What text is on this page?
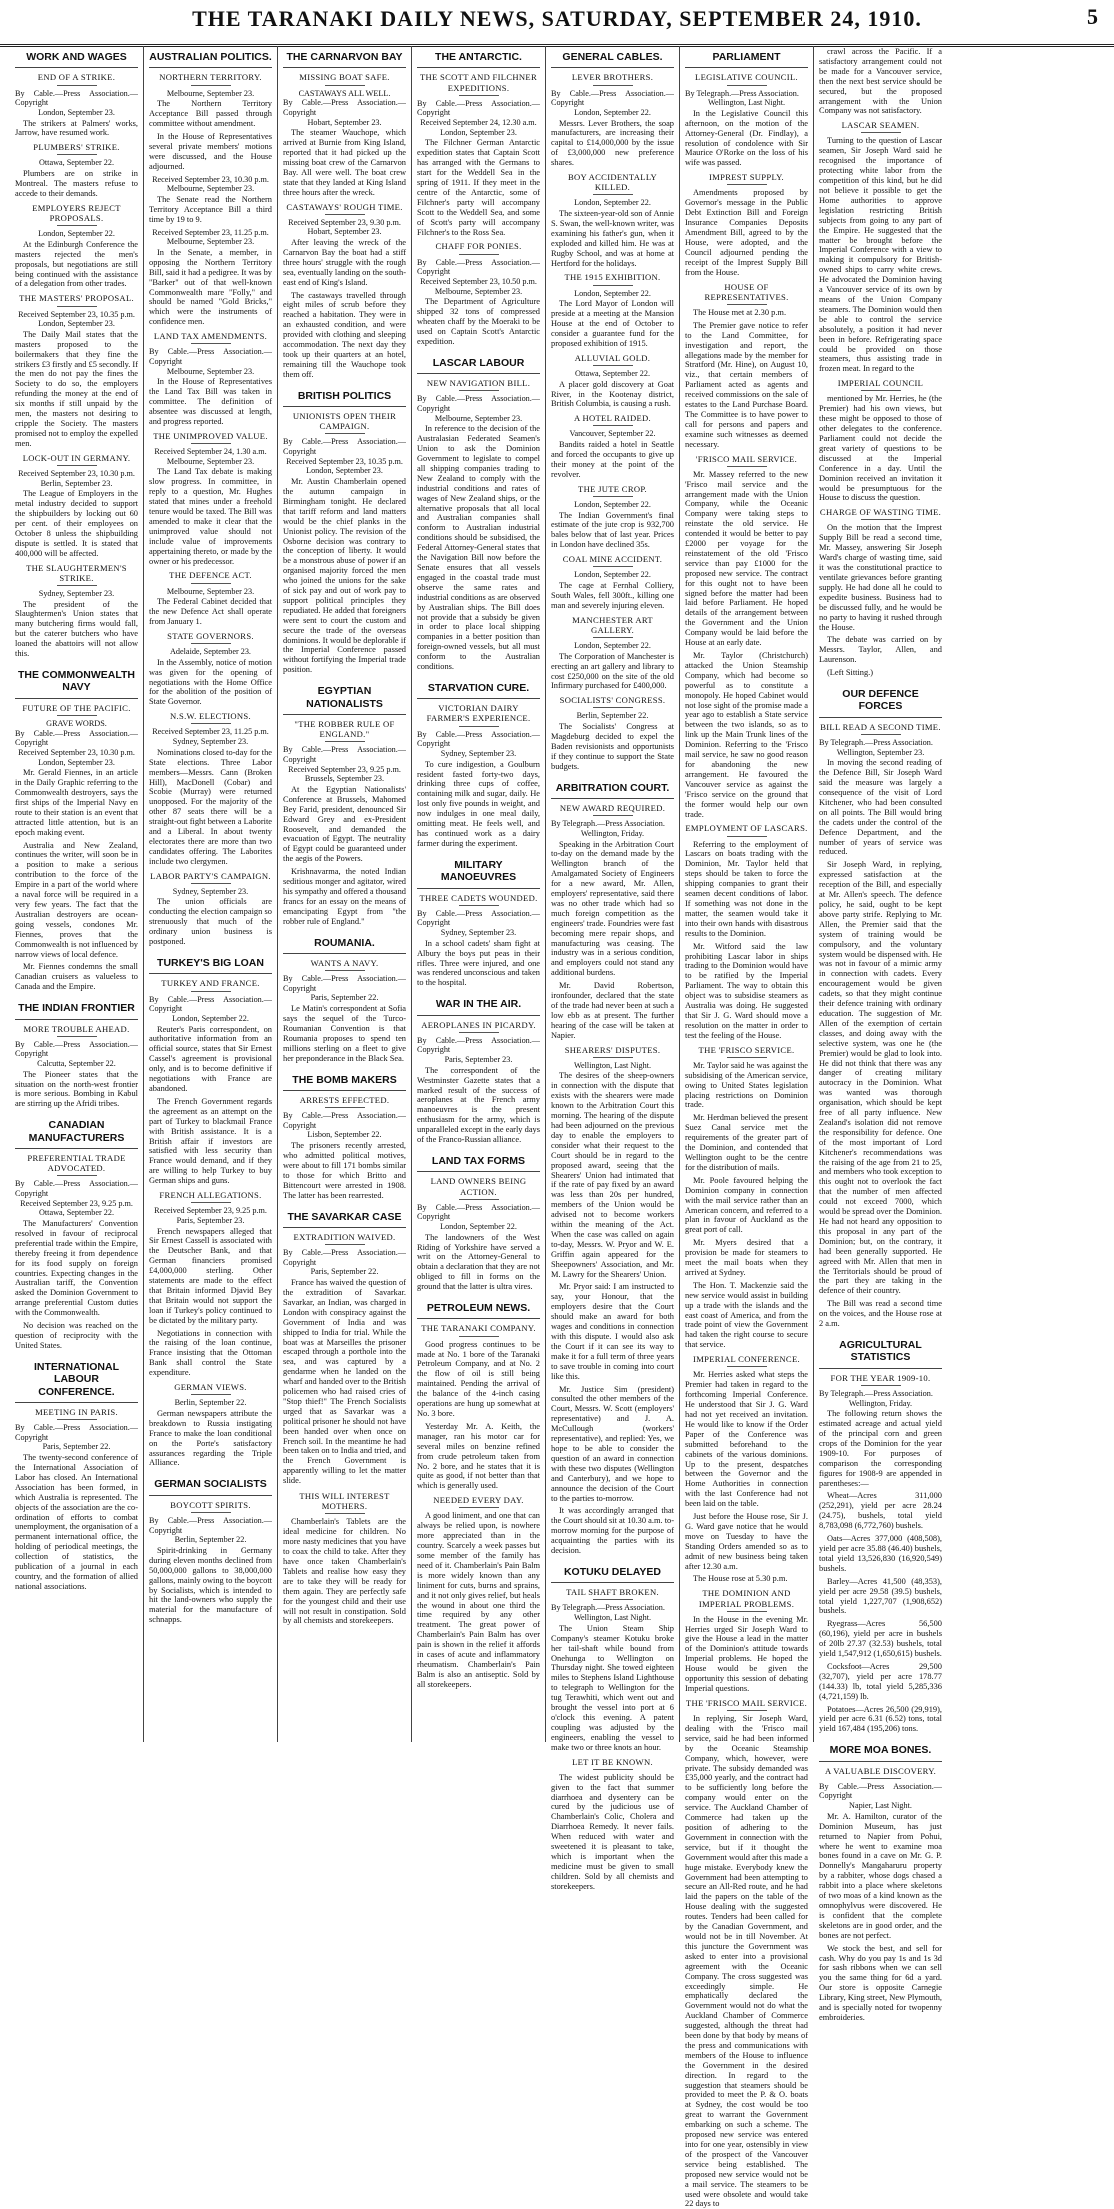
THE TARANAKI DAILY NEWS, SATURDAY, SEPTEMBER 24, 1910.	5
WORK AND WAGES
END OF A STRIKE.
By Cable.—Press Association.—Copyright
London, September 23.

The strikers at Palmers' works, Jarrow, have resumed work.

PLUMBERS' STRIKE.
Ottawa, September 22.

Plumbers are on strike in Montreal. The masters refuse to accede to their demands.

EMPLOYERS REJECT PROPOSALS.
London, September 22.

At the Edinburgh Conference the masters rejected the men's proposals, but negotiations are still being continued with the assistance of a delegation from other trades.

THE MASTERS' PROPOSAL.
Received September 23, 10.35 p.m. London, September 23.

The Daily Mail states that the masters proposed to the boilermakers that they fine the strikers £3 firstly and £5 secondly. If the men do not pay the fines the Society to do so, the employers refunding the money at the end of six months if still unpaid by the men, the masters not desiring to cripple the Society. The masters promised not to employ the expelled men.

LOCK-OUT IN GERMANY.
Received September 23, 10.30 p.m. Berlin, September 23.

The League of Employers in the metal industry decided to support the shipbuilders by locking out 60 per cent. of their employees on October 8 unless the shipbuilding dispute is settled. It is stated that 400,000 will be affected.

THE SLAUGHTERMEN'S STRIKE.
Sydney, September 23.

The president of the Slaughtermen's Union states that many butchering firms would fall, but the caterer butchers who have loaned the abattoirs will not allow this.

THE COMMONWEALTH NAVY
FUTURE OF THE PACIFIC.
GRAVE WORDS.
By Cable.—Press Association.—Copyright
Received September 23, 10.30 p.m. London, September 23.

Mr. Gerald Fiennes, in an article in the Daily Graphic referring to the Commonwealth destroyers, says the first ships of the Imperial Navy en route to their station is an event that attracted little attention, but is an epoch making event.

Australia and New Zealand, continues the writer, will soon be in a position to make a serious contribution to the force of the Empire in a part of the world where a naval force will be required in a very few years. The fact that the Australian destroyers are ocean-going vessels, condones Mr. Fiennes, proves that the Commonwealth is not influenced by narrow views of local defence.

Mr. Fiennes condemns the small Canadian cruisers as valueless to Canada and the Empire.

THE INDIAN FRONTIER
MORE TROUBLE AHEAD.
By Cable.—Press Association.—Copyright
Calcutta, September 22.

The Pioneer states that the situation on the north-west frontier is more serious. Bombing in Kabul are stirring up the Afridi tribes.

CANADIAN MANUFACTURERS
PREFERENTIAL TRADE ADVOCATED.
By Cable.—Press Association.—Copyright
Received September 23, 9.25 p.m. Ottawa, September 22.

The Manufacturers' Convention resolved in favour of reciprocal preferential trade within the Empire, thereby freeing it from dependence for its food supply on foreign countries. Expecting changes in the Australian tariff, the Convention asked the Dominion Government to arrange preferential Custom duties with the Commonwealth.

No decision was reached on the question of reciprocity with the United States.

INTERNATIONAL LABOUR CONFERENCE.
MEETING IN PARIS.
By Cable.—Press Association.—Copyright
Paris, September 22.

The twenty-second conference of the International Association of Labor has closed. An International Association has been formed, in which Australia is represented. The objects of the association are the co-ordination of efforts to combat unemployment, the organisation of a permanent international office, the holding of periodical meetings, the collection of statistics, the publication of a journal in each country, and the formation of allied national associations.

AUSTRALIAN POLITICS.
NORTHERN TERRITORY.
Melbourne, September 23.

The Northern Territory Acceptance Bill passed through committee without amendment.

In the House of Representatives several private members' motions were discussed, and the House adjourned.

Received September 23, 10.30 p.m. Melbourne, September 23.

The Senate read the Northern Territory Acceptance Bill a third time by 19 to 9.

Received September 23, 11.25 p.m. Melbourne, September 23.

In the Senate, a member, in opposing the Northern Territory Bill, said it had a pedigree. It was by "Barker" out of that well-known Commonwealth mare "Folly," and should be named "Gold Bricks," which were the instruments of confidence men.

LAND TAX AMENDMENTS.
By Cable.—Press Association.—Copyright
Melbourne, September 23.

In the House of Representatives the Land Tax Bill was taken in committee. The definition of absentee was discussed at length, and progress reported.

THE UNIMPROVED VALUE.
Received September 24, 1.30 a.m. Melbourne, September 23.

The Land Tax debate is making slow progress. In committee, in reply to a question, Mr. Hughes stated that mines under a freehold tenure would be taxed. The Bill was amended to make it clear that the unimproved value should not include value of improvements appertaining thereto, or made by the owner or his predecessor.

THE DEFENCE ACT.
Melbourne, September 23.

The Federal Cabinet decided that the new Defence Act shall operate from January 1.

STATE GOVERNORS.
Adelaide, September 23.

In the Assembly, notice of motion was given for the opening of negotiations with the Home Office for the abolition of the position of State Governor.

N.S.W. ELECTIONS.
Received September 23, 11.25 p.m. Sydney, September 23.

Nominations closed to-day for the State elections. Three Labor members—Messrs. Cann (Broken Hill), MacDonell (Cobar) and Scobie (Murray) were returned unopposed. For the majority of the other 87 seats there will be a straight-out fight between a Laborite and a Liberal. In about twenty electorates there are more than two candidates offering. The Laborites include two clergymen.

LABOR PARTY'S CAMPAIGN.
Sydney, September 23.

The union officials are conducting the election campaign so strenuously that much of the ordinary union business is postponed.

TURKEY'S BIG LOAN
TURKEY AND FRANCE.
By Cable.—Press Association.—Copyright
London, September 22.

Reuter's Paris correspondent, on authoritative information from an official source, states that Sir Ernest Cassel's agreement is provisional only, and is to become definitive if negotiations with France are abandoned.

The French Government regards the agreement as an attempt on the part of Turkey to blackmail France with British assistance. It is a British affair if investors are satisfied with less security than France would demand, and if they are willing to help Turkey to buy German ships and guns.

FRENCH ALLEGATIONS.
Received September 23, 9.25 p.m. Paris, September 23.

French newspapers alleged that Sir Ernest Cassell is associated with the Deutscher Bank, and that German financiers promised £4,000,000 sterling. Other statements are made to the effect that Britain informed Djavid Bey that Britain would not support the loan if Turkey's policy continued to be dictated by the military party.

Negotiations in connection with the raising of the loan continue, France insisting that the Ottoman Bank shall control the State expenditure.

GERMAN VIEWS.
Berlin, September 22.

German newspapers attribute the breakdown to Russia instigating France to make the loan conditional on the Porte's satisfactory assurances regarding the Triple Alliance.

GERMAN SOCIALISTS
BOYCOTT SPIRITS.
By Cable.—Press Association.—Copyright
Berlin, September 22.

Spirit-drinking in Germany during eleven months declined from 50,000,000 gallons to 38,000,000 gallons, mainly owing to the boycott by Socialists, which is intended to hit the land-owners who supply the material for the manufacture of schnapps.

THE CARNARVON BAY
MISSING BOAT SAFE.
CASTAWAYS ALL WELL.
By Cable.—Press Association.—Copyright
Hobart, September 23.

The steamer Wauchope, which arrived at Burnie from King Island, reported that it had picked up the missing boat crew of the Carnarvon Bay. All were well. The boat crew state that they landed at King Island three hours after the wreck.

CASTAWAYS' ROUGH TIME.
Received September 23, 9.30 p.m. Hobart, September 23.

After leaving the wreck of the Carnarvon Bay the boat had a stiff three hours' struggle with the rough sea, eventually landing on the south-east end of King's Island.

The castaways travelled through eight miles of scrub before they reached a habitation. They were in an exhausted condition, and were provided with clothing and sleeping accommodation. The next day they took up their quarters at an hotel, remaining till the Wauchope took them off.

BRITISH POLITICS
UNIONISTS OPEN THEIR CAMPAIGN.
By Cable.—Press Association.—Copyright
Received September 23, 10.35 p.m. London, September 23.

Mr. Austin Chamberlain opened the autumn campaign in Birmingham tonight. He declared that tariff reform and land matters would be the chief planks in the Unionist policy. The revision of the Osborne decision was contrary to the conception of liberty. It would be a monstrous abuse of power if an organised majority forced the men who joined the unions for the sake of sick pay and out of work pay to support political principles they repudiated. He added that foreigners were sent to court the custom and secure the trade of the overseas dominions. It would be deplorable if the Imperial Conference passed without fortifying the Imperial trade position.

EGYPTIAN NATIONALISTS
"THE ROBBER RULE OF ENGLAND."
By Cable.—Press Association.—Copyright
Received September 23, 9.25 p.m. Brussels, September 23.

At the Egyptian Nationalists' Conference at Brussels, Mahomed Bey Farid, president, denounced Sir Edward Grey and ex-President Roosevelt, and demanded the evacuation of Egypt. The neutrality of Egypt could be guaranteed under the aegis of the Powers.

Krishnavarma, the noted Indian seditious monger and agitator, wired his sympathy and offered a thousand francs for an essay on the means of emancipating Egypt from "the robber rule of England."

ROUMANIA.
WANTS A NAVY.
By Cable.—Press Association.—Copyright
Paris, September 22.

Le Matin's correspondent at Sofia says the sequel of the Turco-Roumanian Convention is that Roumania proposes to spend ten millions sterling on a fleet to give her preponderance in the Black Sea.

THE BOMB MAKERS
ARRESTS EFFECTED.
By Cable.—Press Association.—Copyright
Lisbon, September 22.

The prisoners recently arrested, who admitted political motives, were about to fill 171 bombs similar to those for which Britto and Bittencourt were arrested in 1908. The latter has been rearrested.

THE SAVARKAR CASE
EXTRADITION WAIVED.
By Cable.—Press Association.—Copyright
Paris, September 22.

France has waived the question of the extradition of Savarkar. Savarkar, an Indian, was charged in London with conspiracy against the Government of India and was shipped to India for trial. While the boat was at Marseilles the prisoner escaped through a porthole into the sea, and was captured by a gendarme when he landed on the wharf and handed over to the British policemen who had raised cries of "Stop thief!" The French Socialists urged that as Savarkar was a political prisoner he should not have been handed over when once on French soil. In the meantime he had been taken on to India and tried, and the French Government is apparently willing to let the matter slide.

THIS WILL INTEREST MOTHERS.

Chamberlain's Tablets are the ideal medicine for children. No more nasty medicines that you have to coax the child to take. After they have once taken Chamberlain's Tablets and realise how easy they are to take they will be ready for them again. They are perfectly safe for the youngest child and their use will not result in constipation. Sold by all chemists and storekeepers.

THE ANTARCTIC.
THE SCOTT AND FILCHNER EXPEDITIONS.
By Cable.—Press Association.—Copyright
Received September 24, 12.30 a.m. London, September 23.

The Filchner German Antarctic expedition states that Captain Scott has arranged with the Germans to start for the Weddell Sea in the spring of 1911. If they meet in the centre of the Antarctic, some of Filchner's party will accompany Scott to the Weddell Sea, and some of Scott's party will accompany Filchner's to the Ross Sea.

CHAFF FOR PONIES.
By Cable.—Press Association.—Copyright
Received September 23, 10.50 p.m. Melbourne, September 23.

The Department of Agriculture shipped 32 tons of compressed wheaten chaff by the Moeraki to be used on Captain Scott's Antarctic expedition.

LASCAR LABOUR
NEW NAVIGATION BILL.
By Cable.—Press Association.—Copyright
Melbourne, September 23.

In reference to the decision of the Australasian Federated Seamen's Union to ask the Dominion Government to legislate to compel all shipping companies trading to New Zealand to comply with the industrial conditions and rates of wages of New Zealand ships, or the alternative proposals that all local and Australian companies shall conform to Australian industrial conditions should be subsidised, the Federal Attorney-General states that the Navigation Bill now before the Senate ensures that all vessels engaged in the coastal trade must observe the same rates and industrial conditions as are observed by Australian ships. The Bill does not provide that a subsidy be given in order to place local shipping companies in a better position than foreign-owned vessels, but all must conform to the Australian conditions.

STARVATION CURE.
VICTORIAN DAIRY FARMER'S EXPERIENCE.
By Cable.—Press Association.—Copyright
Sydney, September 23.

To cure indigestion, a Goulburn resident fasted forty-two days, drinking three cups of coffee, containing milk and sugar, daily. He lost only five pounds in weight, and now indulges in one meal daily, omitting meat. He feels well, and has continued work as a dairy farmer during the experiment.

MILITARY MANOEUVRES
THREE CADETS WOUNDED.
By Cable.—Press Association.—Copyright
Sydney, September 23.

In a school cadets' sham fight at Albury the boys put peas in their rifles. Three were injured, and one was rendered unconscious and taken to the hospital.

WAR IN THE AIR.
AEROPLANES IN PICARDY.
By Cable.—Press Association.—Copyright
Paris, September 23.

The correspondent of the Westminster Gazette states that a marked result of the success of aeroplanes at the French army manoeuvres is the present enthusiasm for the army, which is unparalleled except in the early days of the Franco-Russian alliance.

LAND TAX FORMS
LAND OWNERS BEING ACTION.
By Cable.—Press Association.—Copyright
London, September 22.

The landowners of the West Riding of Yorkshire have served a writ on the Attorney-General to obtain a declaration that they are not obliged to fill in forms on the ground that the latter is ultra vires.

PETROLEUM NEWS.
THE TARANAKI COMPANY.

Good progress continues to be made at No. 1 bore of the Taranaki Petroleum Company, and at No. 2 the flow of oil is still being maintained. Pending the arrival of the balance of the 4-inch casing operations are hung up somewhat at No. 3 bore.

Yesterday Mr. A. Keith, the manager, ran his motor car for several miles on benzine refined from crude petroleum taken from No. 2 bore, and he states that it is quite as good, if not better than that which is generally used.

NEEDED EVERY DAY.

A good liniment, and one that can always be relied upon, is nowhere more appreciated than in the country. Scarcely a week passes but some member of the family has need of it. Chamberlain's Pain Balm is more widely known than any liniment for cuts, burns and sprains, and it not only gives relief, but heals the wound in about one third the time required by any other treatment. The great power of Chamberlain's Pain Balm has over pain is shown in the relief it affords in cases of acute and inflammatory rheumatism. Chamberlain's Pain Balm is also an antiseptic. Sold by all storekeepers.

GENERAL CABLES.
LEVER BROTHERS.
By Cable.—Press Association.—Copyright
London, September 22.

Messrs. Lever Brothers, the soap manufacturers, are increasing their capital to £14,000,000 by the issue of £3,000,000 new preference shares.

BOY ACCIDENTALLY KILLED.
London, September 22.

The sixteen-year-old son of Annie S. Swan, the well-known writer, was examining his father's gun, when it exploded and killed him. He was at Rugby School, and was at home at Hertford for the holidays.

THE 1915 EXHIBITION.
London, September 22.

The Lord Mayor of London will preside at a meeting at the Mansion House at the end of October to consider a guarantee fund for the proposed exhibition of 1915.

ALLUVIAL GOLD.
Ottawa, September 22.

A placer gold discovery at Goat River, in the Kootenay district, British Columbia, is causing a rush.

A HOTEL RAIDED.
Vancouver, September 22.

Bandits raided a hotel in Seattle and forced the occupants to give up their money at the point of the revolver.

THE JUTE CROP.
London, September 22.

The Indian Government's final estimate of the jute crop is 932,700 bales below that of last year. Prices in London have declined 35s.

COAL MINE ACCIDENT.
London, September 22.

The cage at Fernhal Colliery, South Wales, fell 300ft., killing one man and severely injuring eleven.

MANCHESTER ART GALLERY.
London, September 22.

The Corporation of Manchester is erecting an art gallery and library to cost £250,000 on the site of the old Infirmary purchased for £400,000.

SOCIALISTS' CONGRESS.
Berlin, September 22.

The Socialists' Congress at Magdeburg decided to expel the Baden revisionists and opportunists if they continue to support the State budgets.

ARBITRATION COURT.
NEW AWARD REQUIRED.
By Telegraph.—Press Association.
Wellington, Friday.

Speaking in the Arbitration Court to-day on the demand made by the Wellington branch of the Amalgamated Society of Engineers for a new award, Mr. Allen, employers' representative, said there was no other trade which had so much foreign competition as the engineers' trade. Foundries were fast becoming mere repair shops, and manufacturing was ceasing. The industry was in a serious condition, and employers could not stand any additional burdens.

Mr. David Robertson, ironfounder, declared that the state of the trade had never been at such a low ebb as at present. The further hearing of the case will be taken at Napier.

SHEARERS' DISPUTES.
Wellington, Last Night.

The desires of the sheep-owners in connection with the dispute that exists with the shearers were made known to the Arbitration Court this morning. The hearing of the dispute had been adjourned on the previous day to enable the employers to consider what their request to the Court should be in regard to the proposed award, seeing that the Shearers' Union had intimated that if the rate of pay fixed by an award was less than 20s per hundred, members of the Union would be advised not to become workers within the meaning of the Act. When the case was called on again to-day, Messrs. W. Pryor and W. E. Griffin again appeared for the Sheepowners' Association, and Mr. M. Lawry for the Shearers' Union.

Mr. Pryor said: I am instructed to say, your Honour, that the employers desire that the Court should make an award for both wages and conditions in connection with this dispute. I would also ask the Court if it can see its way to make it for a full term of three years to save trouble in coming into court like this.

Mr. Justice Sim (president) consulted the other members of the Court, Messrs. W. Scott (employers' representative) and J. A. McCullough (workers' representative), and replied: Yes, we hope to be able to consider the question of an award in connection with these two disputes (Wellington and Canterbury), and we hope to announce the decision of the Court to the parties to-morrow.

It was accordingly arranged that the Court should sit at 10.30 a.m. to-morrow morning for the purpose of acquainting the parties with its decision.

KOTUKU DELAYED
TAIL SHAFT BROKEN.
By Telegraph.—Press Association.
Wellington, Last Night.

The Union Steam Ship Company's steamer Kotuku broke her tail-shaft while bound from Onehunga to Wellington on Thursday night. She towed eighteen miles to Stephens Island Lighthouse to telegraph to Wellington for the tug Terawhiti, which went out and brought the vessel into port at 6 o'clock this evening. A patent coupling was adjusted by the engineers, enabling the vessel to make two or three knots an hour.

LET IT BE KNOWN.

The widest publicity should be given to the fact that summer diarrhoea and dysentery can be cured by the judicious use of Chamberlain's Colic, Cholera and Diarrhoea Remedy. It never fails. When reduced with water and sweetened it is pleasant to take, which is important when the medicine must be given to small children. Sold by all chemists and storekeepers.

PARLIAMENT
LEGISLATIVE COUNCIL.
By Telegraph.—Press Association.
Wellington, Last Night.

In the Legislative Council this afternoon, on the motion of the Attorney-General (Dr. Findlay), a resolution of condolence with Sir Maurice O'Rorke on the loss of his wife was passed.

IMPREST SUPPLY.

Amendments proposed by Governor's message in the Public Debt Extinction Bill and Foreign Insurance Companies Deposits Amendment Bill, agreed to by the House, were adopted, and the Council adjourned pending the receipt of the Imprest Supply Bill from the House.

HOUSE OF REPRESENTATIVES.

The House met at 2.30 p.m.

The Premier gave notice to refer to the Land Committee, for investigation and report, the allegations made by the member for Stratford (Mr. Hine), on August 10, viz., that certain members of Parliament acted as agents and received commissions on the sale of estates to the Land Purchase Board. The Committee is to have power to call for persons and papers and examine such witnesses as deemed necessary.

'FRISCO MAIL SERVICE.

Mr. Massey referred to the new 'Frisco mail service and the arrangement made with the Union Company, while the Oceanic Company were taking steps to reinstate the old service. He contended it would be better to pay £2000 per voyage for the reinstatement of the old 'Frisco service than pay £1000 for the proposed new service. The contract for this ought not to have been signed before the matter had been laid before Parliament. He hoped details of the arrangement between the Government and the Union Company would be laid before the House at an early date.

Mr. Taylor (Christchurch) attacked the Union Steamship Company, which had become so powerful as to constitute a monopoly. He hoped Cabinet would not lose sight of the promise made a year ago to establish a State service between the two islands, so as to link up the Main Trunk lines of the Dominion. Referring to the 'Frisco mail service, he saw no good reason for abandoning the new arrangement. He favoured the Vancouver service as against the 'Frisco service on the ground that the former would help our own trade.

EMPLOYMENT OF LASCARS.

Referring to the employment of Lascars on boats trading with the Dominion, Mr. Taylor held that steps should be taken to force the shipping companies to grant their seamen decent conditions of labor. If something was not done in the matter, the seamen would take it into their own hands with disastrous results to the Dominion.

Mr. Witford said the law prohibiting Lascar labor in ships trading to the Dominion would have to be ratified by the Imperial Parliament. The way to obtain this object was to subsidise steamers as Australia was doing. He suggested that Sir J. G. Ward should move a resolution on the matter in order to test the feeling of the House.

THE 'FRISCO SERVICE.

Mr. Taylor said he was against the subsidising of the American service, owing to United States legislation placing restrictions on Dominion trade.

Mr. Herdman believed the present Suez Canal service met the requirements of the greater part of the Dominion, and contended that Wellington ought to be the centre for the distribution of mails.

Mr. Poole favoured helping the Dominion company in connection with the mail service rather than an American concern, and referred to a plan in favour of Auckland as the great port of call.

Mr. Myers desired that a provision be made for steamers to meet the mail boats when they arrived at Sydney.

The Hon. T. Mackenzie said the new service would assist in building up a trade with the islands and the east coast of America, and from the trade point of view the Government had taken the right course to secure that service.

IMPERIAL CONFERENCE.

Mr. Herries asked what steps the Premier had taken in regard to the forthcoming Imperial Conference. He understood that Sir J. G. Ward had not yet received an invitation. He would like to know if the Order Paper of the Conference was submitted beforehand to the cabinets of the various dominions. Up to the present, despatches between the Governor and the Home Authorities in connection with the last Conference had not been laid on the table.

Just before the House rose, Sir J. G. Ward gave notice that he would move on Tuesday to have the Standing Orders amended so as to admit of new business being taken after 12.30 a.m.

The House rose at 5.30 p.m.

THE DOMINION AND IMPERIAL PROBLEMS.

In the House in the evening Mr. Herries urged Sir Joseph Ward to give the House a lead in the matter of the Dominion's attitude towards Imperial problems. He hoped the House would be given the opportunity this session of debating Imperial questions.

THE 'FRISCO MAIL SERVICE.

In replying, Sir Joseph Ward, dealing with the 'Frisco mail service, said he had been informed by the Oceanic Steamship Company, which, however, were private. The subsidy demanded was £35,000 yearly, and the contract had to be sufficiently long before the company would enter on the service. The Auckland Chamber of Commerce had taken up the position of adhering to the Government in connection with the service, but if it thought the Government would after this made a huge mistake. Everybody knew the Government had been attempting to secure an All-Red route, and he had laid the papers on the table of the House dealing with the suggested routes. Tenders had been called for by the Canadian Government, and would not be in till November. At this juncture the Government was asked to enter into a provisional agreement with the Oceanic Company. The cross suggested was exceedingly simple. He emphatically declared the Government would not do what the Auckland Chamber of Commerce suggested, although the threat had been done by that body by means of the press and communications with members of the House to influence the Government in the desired direction. In regard to the suggestion that steamers should be provided to meet the P. & O. boats at Sydney, the cost would be too great to warrant the Government embarking on such a scheme. The proposed new service was entered into for one year, ostensibly in view of the prospect of the Vancouver service being established. The proposed new service would not be a mail service. The steamers to be used were obsolete and would take 22 days to

crawl across the Pacific. If a satisfactory arrangement could not be made for a Vancouver service, then the next best service should be secured, but the proposed arrangement with the Union Company was not satisfactory.

LASCAR SEAMEN.

Turning to the question of Lascar seamen, Sir Joseph Ward said he recognised the importance of protecting white labor from the competition of this kind, but he did not believe it possible to get the Home authorities to approve legislation restricting British subjects from going to any part of the Empire. He suggested that the matter be brought before the Imperial Conference with a view to making it compulsory for British-owned ships to carry white crews. He advocated the Dominion having a Vancouver service of its own by means of the Union Company steamers. The Dominion would then be able to control the service absolutely, a position it had never been in before. Refrigerating space could be provided on those steamers, thus assisting trade in frozen meat. In regard to the

IMPERIAL COUNCIL

mentioned by Mr. Herries, he (the Premier) had his own views, but these might be opposed to those of other delegates to the conference. Parliament could not decide the great variety of questions to be discussed at the Imperial Conference in a day. Until the Dominion received an invitation it would be presumptuous for the House to discuss the question.

CHARGE OF WASTING TIME.

On the motion that the Imprest Supply Bill be read a second time, Mr. Massey, answering Sir Joseph Ward's charge of wasting time, said it was the constitutional practice to ventilate grievances before granting supply. He had done all he could to expedite business. Business had to be discussed fully, and he would be no party to having it rushed through the House.

The debate was carried on by Messrs. Taylor, Allen, and Laurenson.

(Left Sitting.)

OUR DEFENCE FORCES
BILL READ A SECOND TIME.
By Telegraph.—Press Association.
Wellington, September 23.

In moving the second reading of the Defence Bill, Sir Joseph Ward said the measure was largely a consequence of the visit of Lord Kitchener, who had been consulted on all points. The Bill would bring the cadets under the control of the Defence Department, and the number of years of service was reduced.

Sir Joseph Ward, in replying, expressed satisfaction at the reception of the Bill, and especially at Mr. Allen's speech. The defence policy, he said, ought to be kept above party strife. Replying to Mr. Allen, the Premier said that the system of training would be compulsory, and the voluntary system would be dispensed with. He was not in favour of a mimic army in connection with cadets. Every encouragement would be given cadets, so that they might continue their defence training with ordinary education. The suggestion of Mr. Allen of the exemption of certain classes, and doing away with the selective system, was one he (the Premier) would be glad to look into. He did not think that there was any danger of creating military autocracy in the Dominion. What was wanted was thorough organisation, which should be kept free of all party influence. New Zealand's isolation did not remove the responsibility for defence. One of the most important of Lord Kitchener's recommendations was the raising of the age from 21 to 25, and members who took exception to this ought not to overlook the fact that the number of men affected could not exceed 7000, which would be spread over the Dominion. He had not heard any opposition to this proposal in any part of the Dominion; but, on the contrary, it had been generally supported. He agreed with Mr. Allen that men in the Territorials should be proud of the part they are taking in the defence of their country.

The Bill was read a second time on the voices, and the House rose at 2 a.m.

AGRICULTURAL STATISTICS
FOR THE YEAR 1909-10.
By Telegraph.—Press Association.
Wellington, Friday.

The following return shows the estimated acreage and actual yield of the principal corn and green crops of the Dominion for the year 1909-10. For purposes of comparison the corresponding figures for 1908-9 are appended in parentheses:—

Wheat—Acres 311,000 (252,291), yield per acre 28.24 (24.75), bushels, total yield 8,783,098 (6,772,760) bushels.

Oats—Acres 377,000 (408,508), yield per acre 35.88 (46.40) bushels, total yield 13,526,830 (16,920,549) bushels.

Barley—Acres 41,500 (48,353), yield per acre 29.58 (39.5) bushels, total yield 1,227,707 (1,908,652) bushels.

Ryegrass—Acres 56,500 (60,196), yield per acre in bushels of 20lb 27.37 (32.53) bushels, total yield 1,547,912 (1,650,615) bushels.

Cocksfoot—Acres 29,500 (32,707), yield per acre 178.77 (144.33) lb, total yield 5,285,336 (4,721,159) lb.

Potatoes—Acres 26,500 (29,919), yield per acre 6.31 (6.52) tons, total yield 167,484 (195,206) tons.

MORE MOA BONES.
A VALUABLE DISCOVERY.
By Cable.—Press Association.—Copyright
Napier, Last Night.

Mr. A. Hamilton, curator of the Dominion Museum, has just returned to Napier from Pohui, where he went to examine moa bones found in a cave on Mr. G. P. Donnelly's Mangaharuru property by a rabbiter, whose dogs chased a rabbit into a place where skeletons of two moas of a kind known as the omnophylvus were discovered. He is confident that the complete skeletons are in good order, and the bones are not perfect.

We stock the best, and sell for cash. Why do you pay 1s and 1s 3d for sash ribbons when we can sell you the same thing for 6d a yard. Our store is opposite Carnegie Library, King street, New Plymouth, and is specially noted for twopenny embroideries.
